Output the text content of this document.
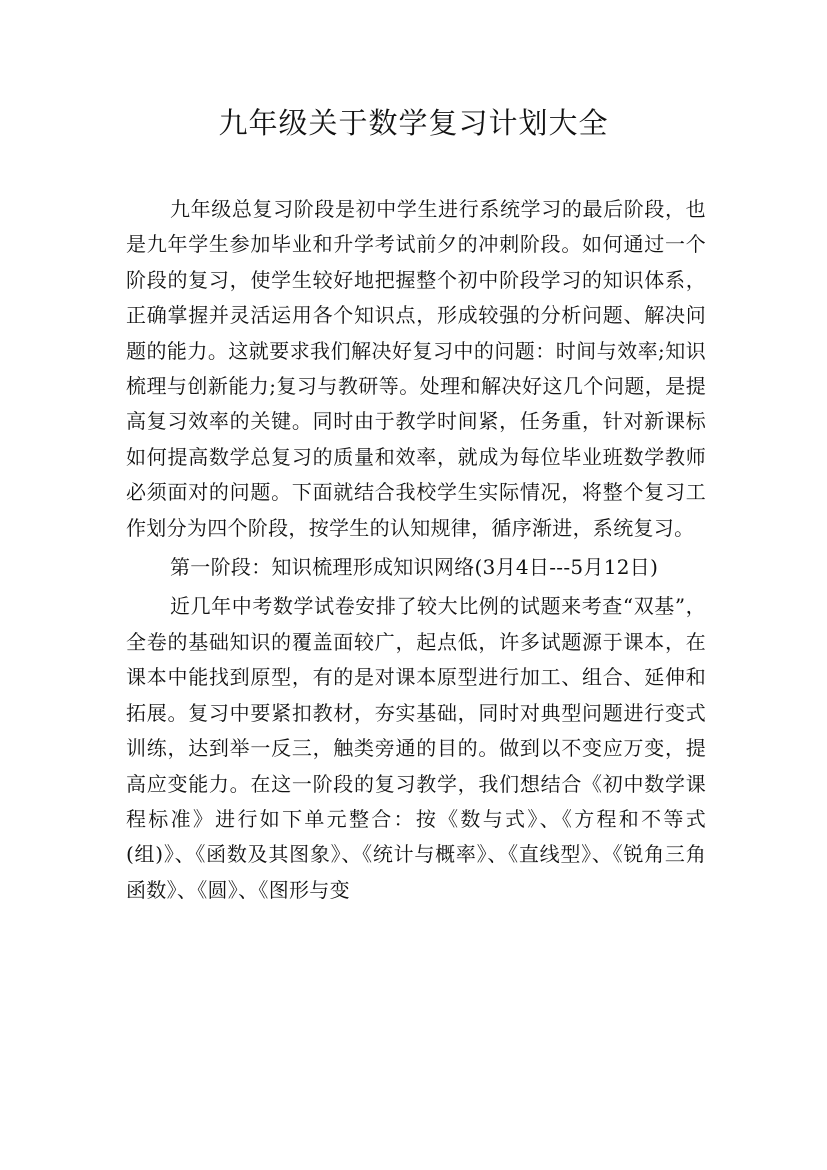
九年级关于数学复习计划大全

九年级总复习阶段是初中学生进行系统学习的最后阶段，也是九年学生参加毕业和升学考试前夕的冲刺阶段。如何通过一个阶段的复习，使学生较好地把握整个初中阶段学习的知识体系，正确掌握并灵活运用各个知识点，形成较强的分析问题、解决问题的能力。这就要求我们解决好复习中的问题：时间与效率;知识梳理与创新能力;复习与教研等。处理和解决好这几个问题，是提高复习效率的关键。同时由于教学时间紧，任务重，针对新课标如何提高数学总复习的质量和效率，就成为每位毕业班数学教师必须面对的问题。下面就结合我校学生实际情况，将整个复习工作划分为四个阶段，按学生的认知规律，循序渐进，系统复习。

第一阶段：知识梳理形成知识网络(3月4日---5月12日)

近几年中考数学试卷安排了较大比例的试题来考查“双基”，全卷的基础知识的覆盖面较广，起点低，许多试题源于课本，在课本中能找到原型，有的是对课本原型进行加工、组合、延伸和拓展。复习中要紧扣教材，夯实基础，同时对典型问题进行变式训练，达到举一反三，触类旁通的目的。做到以不变应万变，提高应变能力。在这一阶段的复习教学，我们想结合《初中数学课程标准》进行如下单元整合：按《数与式》、《方程和不等式(组)》、《函数及其图象》、《统计与概率》、《直线型》、《锐角三角函数》、《圆》、《图形与变
